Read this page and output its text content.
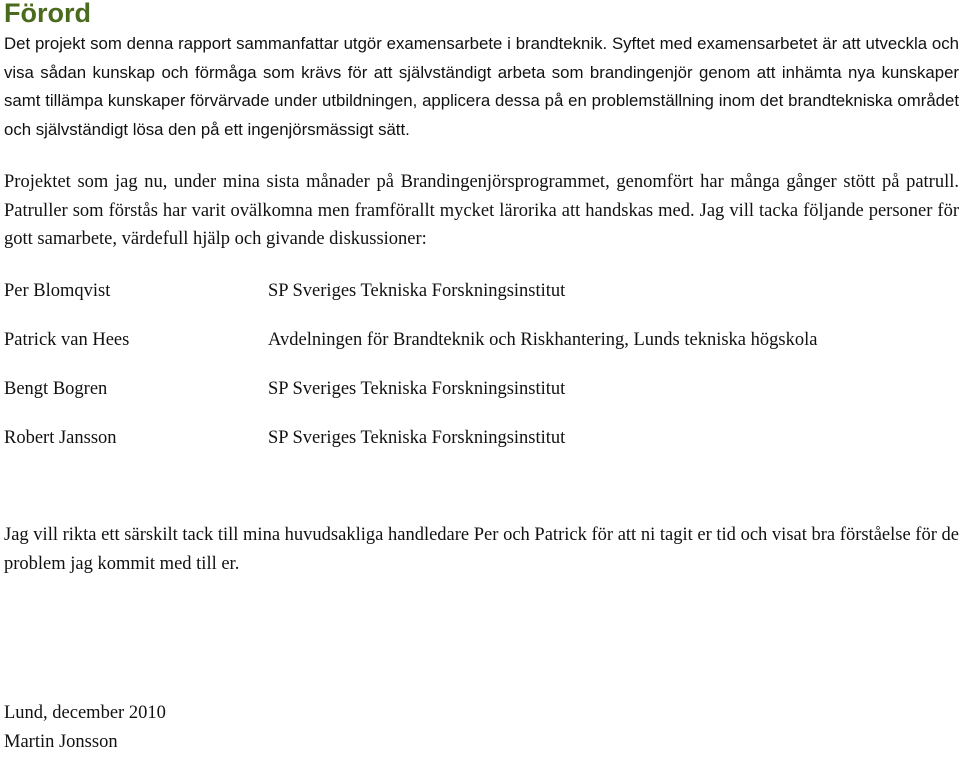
Förord

Det projekt som denna rapport sammanfattar utgör examensarbete i brandteknik. Syftet med examensarbetet är att utveckla och visa sådan kunskap och förmåga som krävs för att självständigt arbeta som brandingenjör genom att inhämta nya kunskaper samt tillämpa kunskaper förvärvade under utbildningen, applicera dessa på en problemställning inom det brandtekniska området och självständigt lösa den på ett ingenjörsmässigt sätt.

Projektet som jag nu, under mina sista månader på Brandingenjörsprogrammet, genomfört har många gånger stött på patrull. Patruller som förstås har varit ovälkomna men framförallt mycket lärorika att handskas med. Jag vill tacka följande personer för gott samarbete, värdefull hjälp och givande diskussioner:

Per Blomqvist	SP Sveriges Tekniska Forskningsinstitut
Patrick van Hees	Avdelningen för Brandteknik och Riskhantering, Lunds tekniska högskola
Bengt Bogren	SP Sveriges Tekniska Forskningsinstitut
Robert Jansson	SP Sveriges Tekniska Forskningsinstitut

Jag vill rikta ett särskilt tack till mina huvudsakliga handledare Per och Patrick för att ni tagit er tid och visat bra förståelse för de problem jag kommit med till er.

Lund, december 2010
Martin Jonsson
